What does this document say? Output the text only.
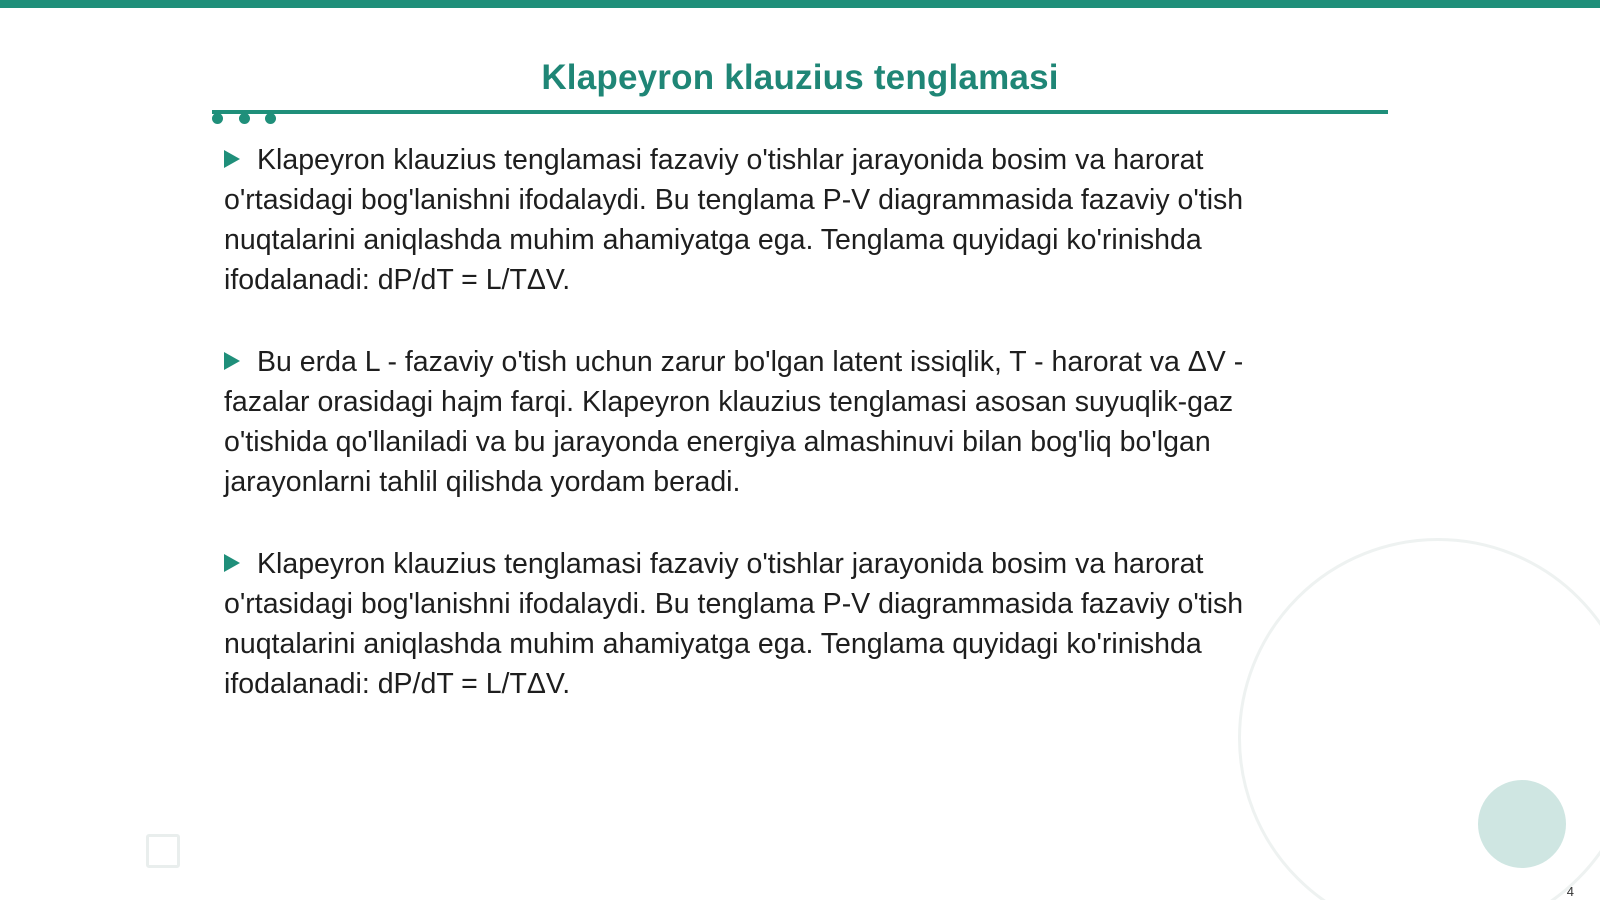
Klapeyron klauzius tenglamasi

Klapeyron klauzius tenglamasi fazaviy o'tishlar jarayonida bosim va harorat o'rtasidagi bog'lanishni ifodalaydi. Bu tenglama P-V diagrammasida fazaviy o'tish nuqtalarini aniqlashda muhim ahamiyatga ega. Tenglama quyidagi ko'rinishda ifodalanadi: dP/dT = L/TΔV.

Bu erda L - fazaviy o'tish uchun zarur bo'lgan latent issiqlik, T - harorat va ΔV - fazalar orasidagi hajm farqi. Klapeyron klauzius tenglamasi asosan suyuqlik-gaz o'tishida qo'llaniladi va bu jarayonda energiya almashinuvi bilan bog'liq bo'lgan jarayonlarni tahlil qilishda yordam beradi.

Klapeyron klauzius tenglamasi fazaviy o'tishlar jarayonida bosim va harorat o'rtasidagi bog'lanishni ifodalaydi. Bu tenglama P-V diagrammasida fazaviy o'tish nuqtalarini aniqlashda muhim ahamiyatga ega. Tenglama quyidagi ko'rinishda ifodalanadi: dP/dT = L/TΔV.

4
